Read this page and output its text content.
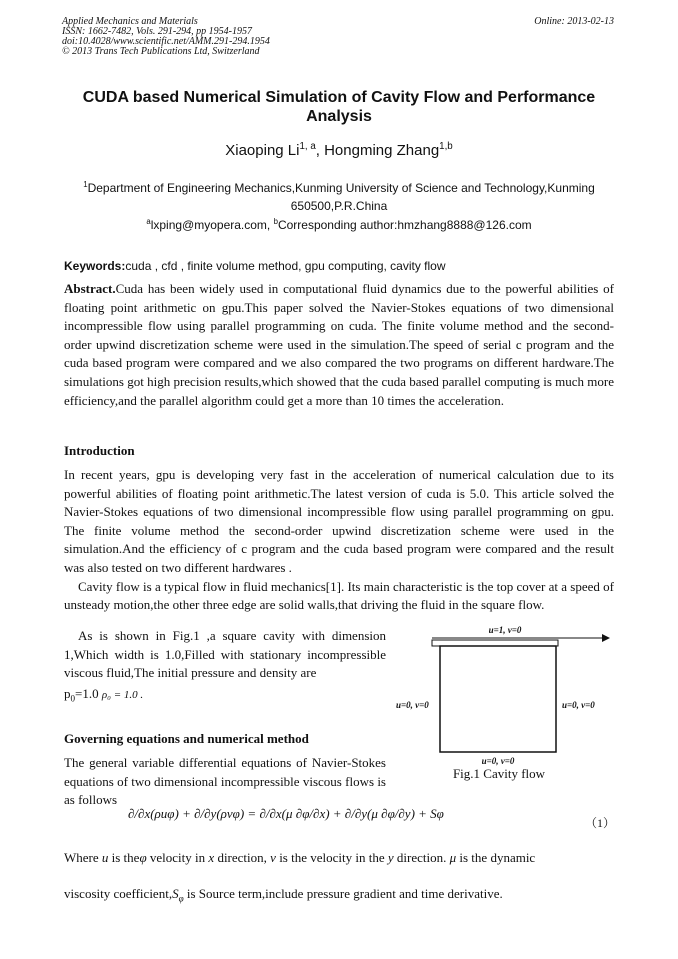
Applied Mechanics and Materials
ISSN: 1662-7482, Vols. 291-294, pp 1954-1957
doi:10.4028/www.scientific.net/AMM.291-294.1954
© 2013 Trans Tech Publications Ltd, Switzerland
Online: 2013-02-13
CUDA based Numerical Simulation of Cavity Flow and Performance
Analysis
Xiaoping Li$^{1, a}$, Hongming Zhang$^{1,b}$
$^1$Department of Engineering Mechanics,Kunming University of Science and Technology,Kunming
650500,P.R.China
$^a$lxping@myopera.com, $^b$Corresponding author:hmzhang8888@126.com
Keywords:cuda , cfd , finite volume method, gpu computing, cavity flow
Abstract.Cuda has been widely used in computational fluid dynamics due to the powerful abilities of floating point arithmetic on gpu.This paper solved the Navier-Stokes equations of two dimensional incompressible flow using parallel programming on cuda. The finite volume method and the second-order upwind discretization scheme were used in the simulation.The speed of serial c program and the cuda based program were compared and we also compared the two programs on different hardware.The simulations got high precision results,which showed that the cuda based parallel computing is much more efficiency,and the parallel algorithm could get a more than 10 times the acceleration.
Introduction
In recent years, gpu is developing very fast in the acceleration of numerical calculation due to its powerful abilities of floating point arithmetic.The latest version of cuda is 5.0. This article solved the Navier-Stokes equations of two dimensional incompressible flow using parallel programming on gpu. The finite volume method the second-order upwind discretization scheme were used in the simulation.And the efficiency of c program and the cuda based program were compared and the result was also tested on two different hardwares .
Cavity flow is a typical flow in fluid mechanics[1]. Its main characteristic is the top cover at a speed of unsteady motion,the other three edge are solid walls,that driving the fluid in the square flow.
As is shown in Fig.1 ,a square cavity with dimension 1,Which width is 1.0,Filled with stationary incompressible viscous fluid,The initial pressure and density are
$p_0=1.0$ ρ₀ = 1.0 .
u=1, v=0
u=0, v=0	u=0, v=0
u=0, v=0
Fig.1 Cavity flow
Governing equations and numerical method
The general variable differential equations of Navier-Stokes equations of two dimensional incompressible viscous flows is as follows
∂/∂x(ρuφ) + ∂/∂y(ρvφ) = ∂/∂x(μ ∂φ/∂x) + ∂/∂y(μ ∂φ/∂y) + Sφ
（1）
Where u is theφ velocity in x direction, v is the velocity in the y direction. μ is the dynamic
viscosity $coefficient,S_\varphi$ is Source term,include pressure gradient and time derivative.
